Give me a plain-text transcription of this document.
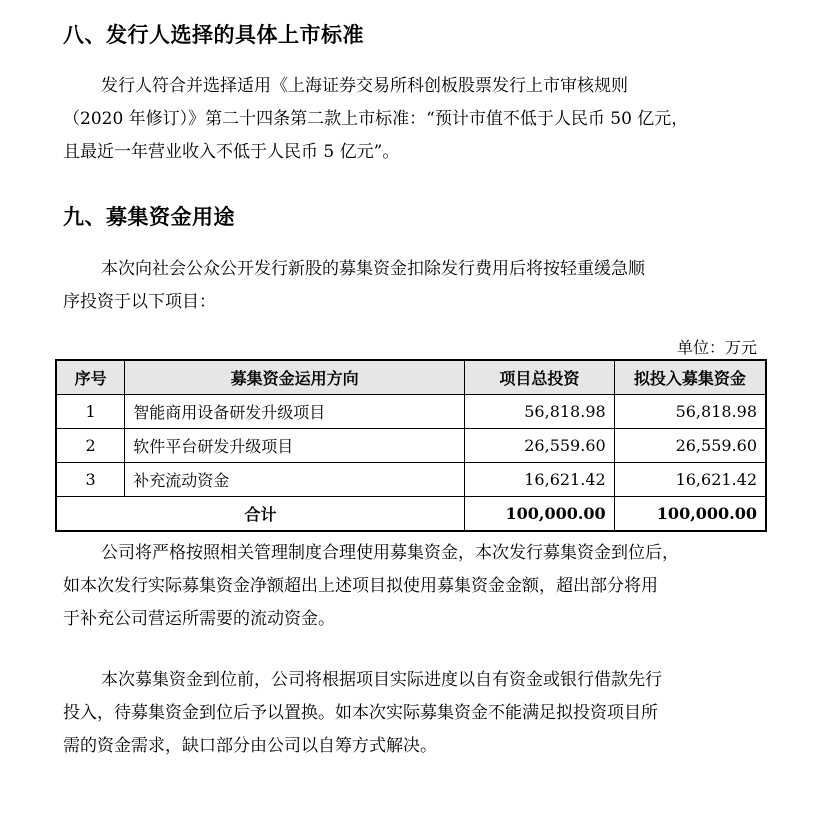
八、发行人选择的具体上市标准
发行人符合并选择适用《上海证券交易所科创板股票发行上市审核规则
（2020 年修订）》第二十四条第二款上市标准：“预计市值不低于人民币 50 亿元，
且最近一年营业收入不低于人民币 5 亿元”。
九、募集资金用途
本次向社会公众公开发行新股的募集资金扣除发行费用后将按轻重缓急顺
序投资于以下项目：
单位：万元
序号	募集资金运用方向	项目总投资	拟投入募集资金
1	智能商用设备研发升级项目	56,818.98	56,818.98
2	软件平台研发升级项目	26,559.60	26,559.60
3	补充流动资金	16,621.42	16,621.42
合计		100,000.00	100,000.00
公司将严格按照相关管理制度合理使用募集资金，本次发行募集资金到位后，
如本次发行实际募集资金净额超出上述项目拟使用募集资金金额，超出部分将用
于补充公司营运所需要的流动资金。
本次募集资金到位前，公司将根据项目实际进度以自有资金或银行借款先行
投入，待募集资金到位后予以置换。如本次实际募集资金不能满足拟投资项目所
需的资金需求，缺口部分由公司以自筹方式解决。
